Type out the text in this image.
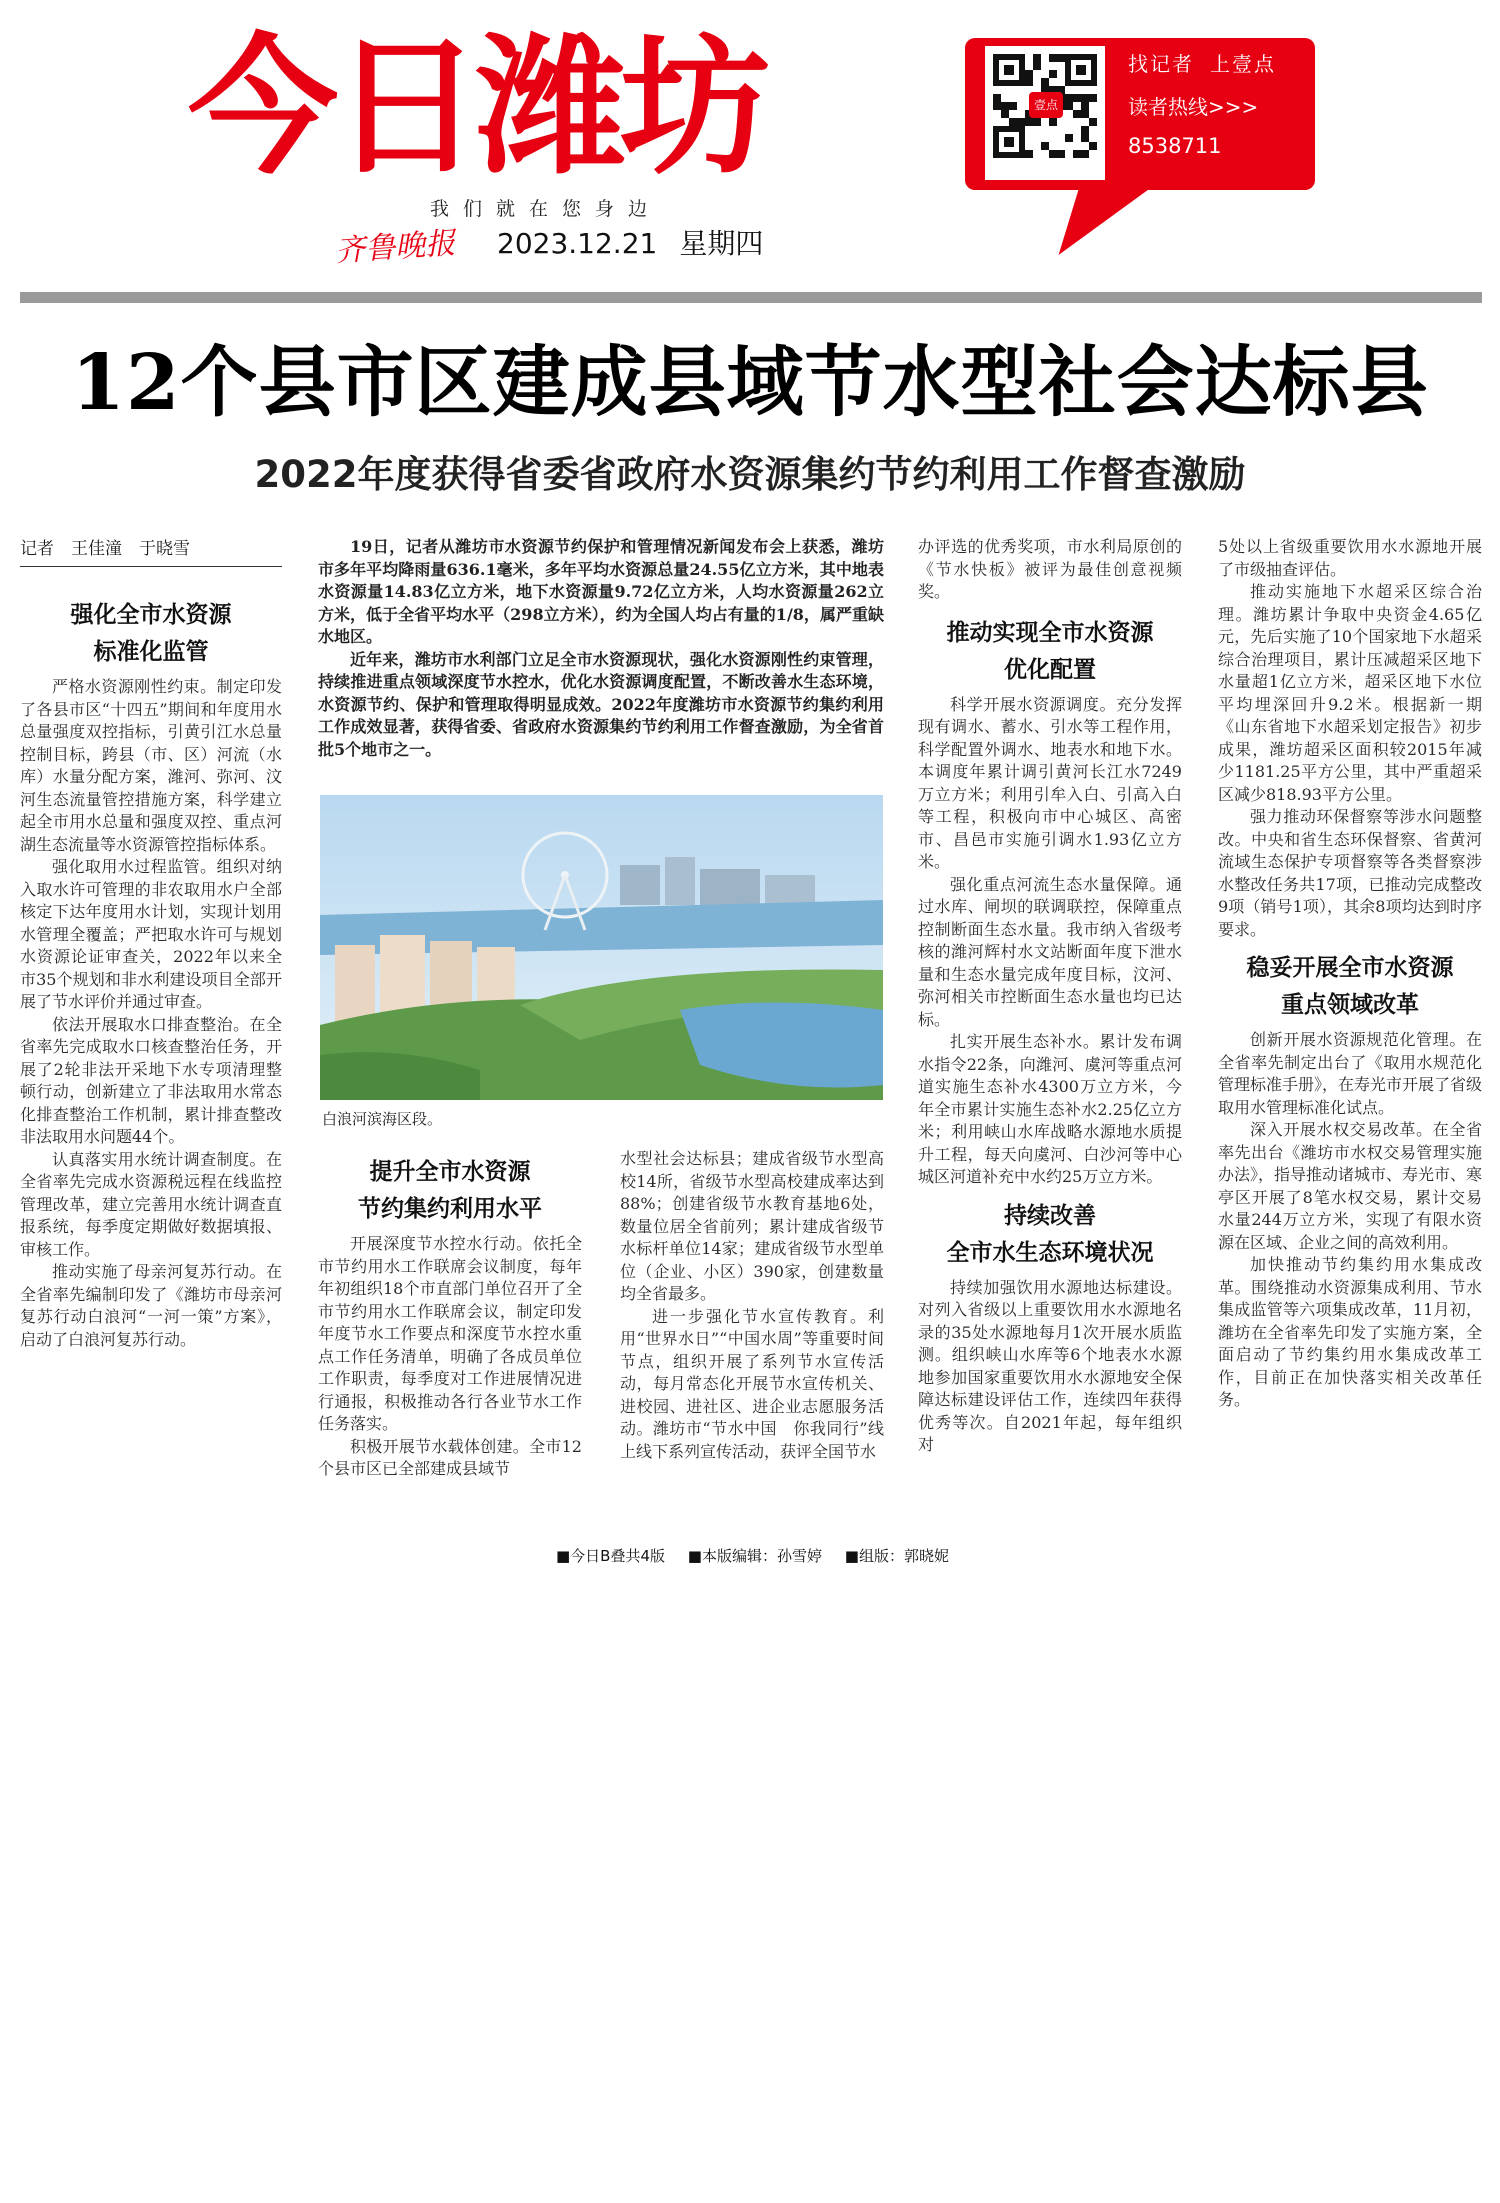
今日潍坊
我们就在您身边
齐鲁晚报 2023.12.21 星期四
壹点
找记者 上壹点
读者热线>>>
8538711
12个县市区建成县域节水型社会达标县
2022年度获得省委省政府水资源集约节约利用工作督查激励
记者　王佳潼　于晓雪	19日，记者从潍坊市水资源节约保护和管理情况新闻发布会上获悉，潍坊市多年平均降雨量636.1毫米，多年平均水资源总量24.55亿立方米，其中地表水资源量14.83亿立方米，地下水资源量9.72亿立方米，人均水资源量262立方米，低于全省平均水平（298立方米），约为全国人均占有量的1/8，属严重缺水地区。

近年来，潍坊市水利部门立足全市水资源现状，强化水资源刚性约束管理，持续推进重点领域深度节水控水，优化水资源调度配置，不断改善水生态环境，水资源节约、保护和管理取得明显成效。2022年度潍坊市水资源节约集约利用工作成效显著，获得省委、省政府水资源集约节约利用工作督查激励，为全省首批5个地市之一。

白浪河滨海区段。
强化全市水资源
标准化监管

严格水资源刚性约束。制定印发了各县市区“十四五”期间和年度用水总量强度双控指标，引黄引江水总量控制目标，跨县（市、区）河流（水库）水量分配方案，潍河、弥河、汶河生态流量管控措施方案，科学建立起全市用水总量和强度双控、重点河湖生态流量等水资源管控指标体系。

强化取用水过程监管。组织对纳入取水许可管理的非农取用水户全部核定下达年度用水计划，实现计划用水管理全覆盖；严把取水许可与规划水资源论证审查关，2022年以来全市35个规划和非水利建设项目全部开展了节水评价并通过审查。

依法开展取水口排查整治。在全省率先完成取水口核查整治任务，开展了2轮非法开采地下水专项清理整顿行动，创新建立了非法取用水常态化排查整治工作机制，累计排查整改非法取用水问题44个。

认真落实用水统计调查制度。在全省率先完成水资源税远程在线监控管理改革，建立完善用水统计调查直报系统，每季度定期做好数据填报、审核工作。

推动实施了母亲河复苏行动。在全省率先编制印发了《潍坊市母亲河复苏行动白浪河“一河一策”方案》，启动了白浪河复苏行动。

提升全市水资源
节约集约利用水平

开展深度节水控水行动。依托全市节约用水工作联席会议制度，每年年初组织18个市直部门单位召开了全市节约用水工作联席会议，制定印发年度节水工作要点和深度节水控水重点工作任务清单，明确了各成员单位工作职责，每季度对工作进展情况进行通报，积极推动各行各业节水工作任务落实。

积极开展节水载体创建。全市12个县市区已全部建成县域节

水型社会达标县；建成省级节水型高校14所，省级节水型高校建成率达到88%；创建省级节水教育基地6处，数量位居全省前列；累计建成省级节水标杆单位14家；建成省级节水型单位（企业、小区）390家，创建数量均全省最多。

进一步强化节水宣传教育。利用“世界水日”“中国水周”等重要时间节点，组织开展了系列节水宣传活动，每月常态化开展节水宣传机关、进校园、进社区、进企业志愿服务活动。潍坊市“节水中国　你我同行”线上线下系列宣传活动，获评全国节水

办评选的优秀奖项，市水利局原创的《节水快板》被评为最佳创意视频奖。

推动实现全市水资源
优化配置

科学开展水资源调度。充分发挥现有调水、蓄水、引水等工程作用，科学配置外调水、地表水和地下水。本调度年累计调引黄河长江水7249万立方米；利用引牟入白、引高入白等工程，积极向市中心城区、高密市、昌邑市实施引调水1.93亿立方米。

强化重点河流生态水量保障。通过水库、闸坝的联调联控，保障重点控制断面生态水量。我市纳入省级考核的潍河辉村水文站断面年度下泄水量和生态水量完成年度目标，汶河、弥河相关市控断面生态水量也均已达标。

扎实开展生态补水。累计发布调水指令22条，向潍河、虞河等重点河道实施生态补水4300万立方米，今年全市累计实施生态补水2.25亿立方米；利用峡山水库战略水源地水质提升工程，每天向虞河、白沙河等中心城区河道补充中水约25万立方米。

持续改善
全市水生态环境状况

持续加强饮用水源地达标建设。对列入省级以上重要饮用水水源地名录的35处水源地每月1次开展水质监测。组织峡山水库等6个地表水水源地参加国家重要饮用水水源地安全保障达标建设评估工作，连续四年获得优秀等次。自2021年起，每年组织对

5处以上省级重要饮用水水源地开展了市级抽查评估。

推动实施地下水超采区综合治理。潍坊累计争取中央资金4.65亿元，先后实施了10个国家地下水超采综合治理项目，累计压减超采区地下水量超1亿立方米，超采区地下水位平均埋深回升9.2米。根据新一期《山东省地下水超采划定报告》初步成果，潍坊超采区面积较2015年减少1181.25平方公里，其中严重超采区减少818.93平方公里。

强力推动环保督察等涉水问题整改。中央和省生态环保督察、省黄河流域生态保护专项督察等各类督察涉水整改任务共17项，已推动完成整改9项（销号1项），其余8项均达到时序要求。

稳妥开展全市水资源
重点领域改革

创新开展水资源规范化管理。在全省率先制定出台了《取用水规范化管理标准手册》，在寿光市开展了省级取用水管理标准化试点。

深入开展水权交易改革。在全省率先出台《潍坊市水权交易管理实施办法》，指导推动诸城市、寿光市、寒亭区开展了8笔水权交易，累计交易水量244万立方米，实现了有限水资源在区域、企业之间的高效利用。

加快推动节约集约用水集成改革。围绕推动水资源集成利用、节水集成监管等六项集成改革，11月初，潍坊在全省率先印发了实施方案，全面启动了节约集约用水集成改革工作，目前正在加快落实相关改革任务。

■今日B叠共4版 ■本版编辑：孙雪婷 ■组版：郭晓妮
